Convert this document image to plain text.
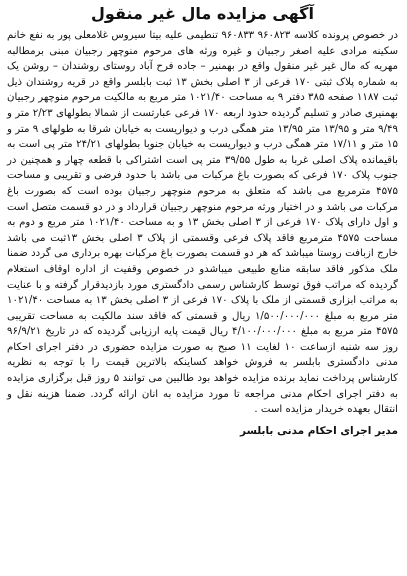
آگهی مزایده مال غیر منقول

در خصوص پرونده کلاسه ۹۶۰۸۲۳ ۹۶۰۸۳۳ تنطیمی علیه بیتا سیروس غلامعلی پور به نفع خانم سکینه مرادی علیه اصغر رجبیان و غیره ورثه های مرحوم منوچهر رجبیان مبنی برمطالبه مهریه که مال غیر غیر منقول واقع در بهمنیر – جاده فرح آباد روستای روشندان – روشن یک به شماره پلاک ثبتی ۱۷۰ فرعی از ۳ اصلی بخش ۱۳ ثبت بابلسر واقع در قریه روشندان ذیل ثبت ۱۱۸۷ صفحه ۳۸۵ دفتر ۹ به مساحت ۱۰۲۱/۴۰ متر مربع به مالکیت مرحوم منوچهر رجبیان بهمنیری صادر و تسلیم گردیده حدود اربعه ۱۷۰ فرعی عبارتست از شمالا بطولهای ۲/۲۳ متر و ۹/۴۹ متر و ۱۳/۹۵ متر ۱۳/۹۵ متر همگی درب و دیواریست به خیابان شرقا به طولهای ۹ متر و ۱۵ متر و ۱۷/۱۱ متر همگی درب و دیواریست به خیابان جنوبا بطولهای ۲۴/۲۱ متر پی است به باقیمانده پلاک اصلی غربا به طول ۳۹/۵۵ متر پی است اشتراکی با قطعه چهار و همچنین در جنوب پلاک ۱۷۰ فرعی که بصورت باغ مرکبات می باشد با حدود فرضی و تقریبی و مساحت ۴۵۷۵ مترمربع می باشد که متعلق به مرحوم منوچهر رجبیان بوده است که بصورت باغ مرکبات می باشد و در اختیار ورثه مرحوم منوچهر رجبیان قرارداد و در دو قسمت متصل است و اول دارای پلاک ۱۷۰ فرعی از ۳ اصلی بخش ۱۳ و به مساحت ۱۰۲۱/۴۰ متر مربع و دوم به مساحت ۴۵۷۵ مترمربع فاقد پلاک فرعی وقسمتی از پلاک ۳ اصلی بخش ۱۳ثبت می باشد خارج ازبافت روستا میباشد که هر دو قسمت بصورت باغ مرکبات بهره برداری می گردد ضمنا ملک مذکور فاقد سابقه منابع طبیعی میباشدو در خصوص وقفیت از اداره اوقاف استعلام گردیده که مراتب فوق توسط کارشناس رسمی دادگستری مورد بازدیدقرار گرفته و با عنایت به مراتب ابزاری قسمتی از ملک با پلاک ۱۷۰ فرعی از ۳ اصلی بخش ۱۳ به مساحت ۱۰۲۱/۴۰ متر مربع به مبلغ ۱/۵۰۰/۰۰۰/۰۰۰ ریال و قسمتی که فاقد سند مالکیت به مساحت تقریبی ۴۵۷۵ متر مربع به مبلغ ۴/۱۰۰/۰۰۰/۰۰۰ ریال قیمت پایه ارزیابی گردیده که در تاریخ ۹۶/۹/۲۱ روز سه شنبه ازساعت ۱۰ لغایت ۱۱ صبح به صورت مزایده حضوری در دفتر اجرای احکام مدنی دادگستری بابلسر به فروش خواهد کساینکه بالاترین قیمت را با توجه به نظریه کارشناس پرداخت نماید برنده مزایده خواهد بود طالبین می توانند ۵ روز قبل برگزاری مزایده به دفتر اجرای احکام مدنی مراجعه تا مورد مزایده به انان ارائه گردد. ضمنا هزینه نقل و انتقال بعهده خریدار مزایده است .

مدیر اجرای احکام مدنی بابلسر
